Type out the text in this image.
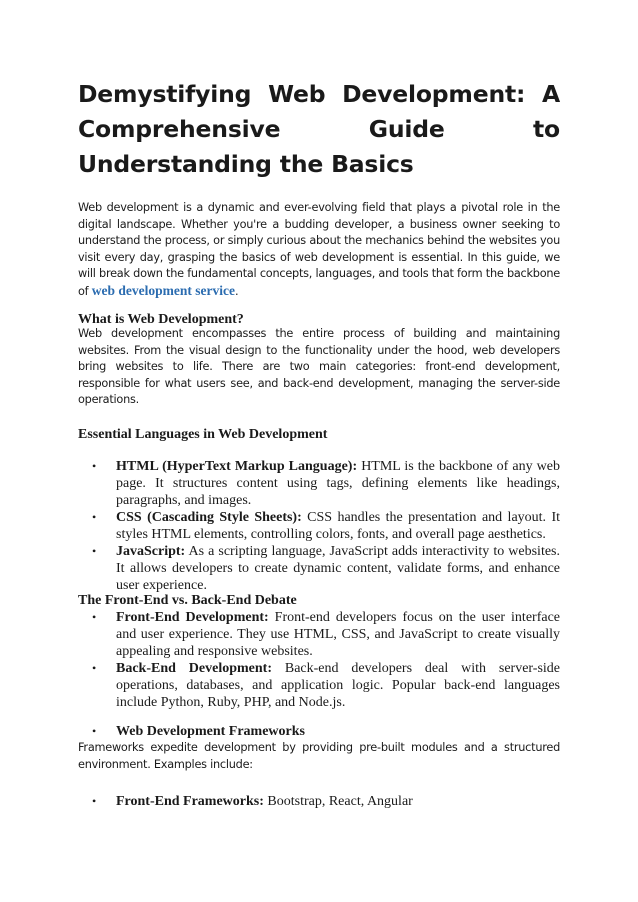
Demystifying Web Development: A Comprehensive Guide to Understanding the Basics

Web development is a dynamic and ever-evolving field that plays a pivotal role in the digital landscape. Whether you're a budding developer, a business owner seeking to understand the process, or simply curious about the mechanics behind the websites you visit every day, grasping the basics of web development is essential. In this guide, we will break down the fundamental concepts, languages, and tools that form the backbone of web development service.

What is Web Development?

Web development encompasses the entire process of building and maintaining websites. From the visual design to the functionality under the hood, web developers bring websites to life. There are two main categories: front-end development, responsible for what users see, and back-end development, managing the server-side operations.

Essential Languages in Web Development
• HTML (HyperText Markup Language): HTML is the backbone of any web page. It structures content using tags, defining elements like headings, paragraphs, and images.
• CSS (Cascading Style Sheets): CSS handles the presentation and layout. It styles HTML elements, controlling colors, fonts, and overall page aesthetics.
• JavaScript: As a scripting language, JavaScript adds interactivity to websites. It allows developers to create dynamic content, validate forms, and enhance user experience.
The Front-End vs. Back-End Debate
• Front-End Development: Front-end developers focus on the user interface and user experience. They use HTML, CSS, and JavaScript to create visually appealing and responsive websites.
• Back-End Development: Back-end developers deal with server-side operations, databases, and application logic. Popular back-end languages include Python, Ruby, PHP, and Node.js.
• Web Development Frameworks

Frameworks expedite development by providing pre-built modules and a structured environment. Examples include:

• Front-End Frameworks: Bootstrap, React, Angular
